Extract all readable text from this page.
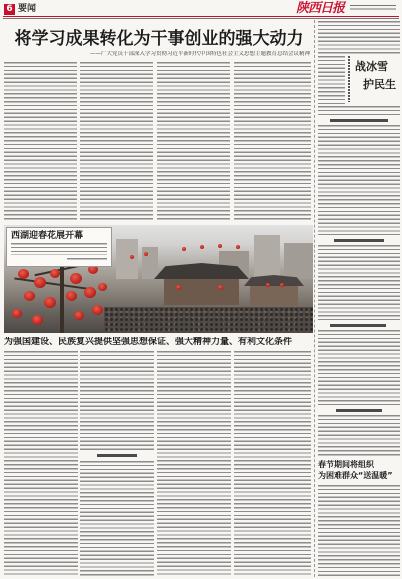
6 要闻	陕西日报
将学习成果转化为干事创业的强大动力
——广大党员干部深入学习贯彻习近平新时代中国特色社会主义思想主题教育总结会议精神
战冰雪
护民生
春节期间将组织
为困难群众“送温暖”
西湖迎春花展开幕
为强国建设、民族复兴提供坚强思想保证、强大精神力量、有利文化条件
